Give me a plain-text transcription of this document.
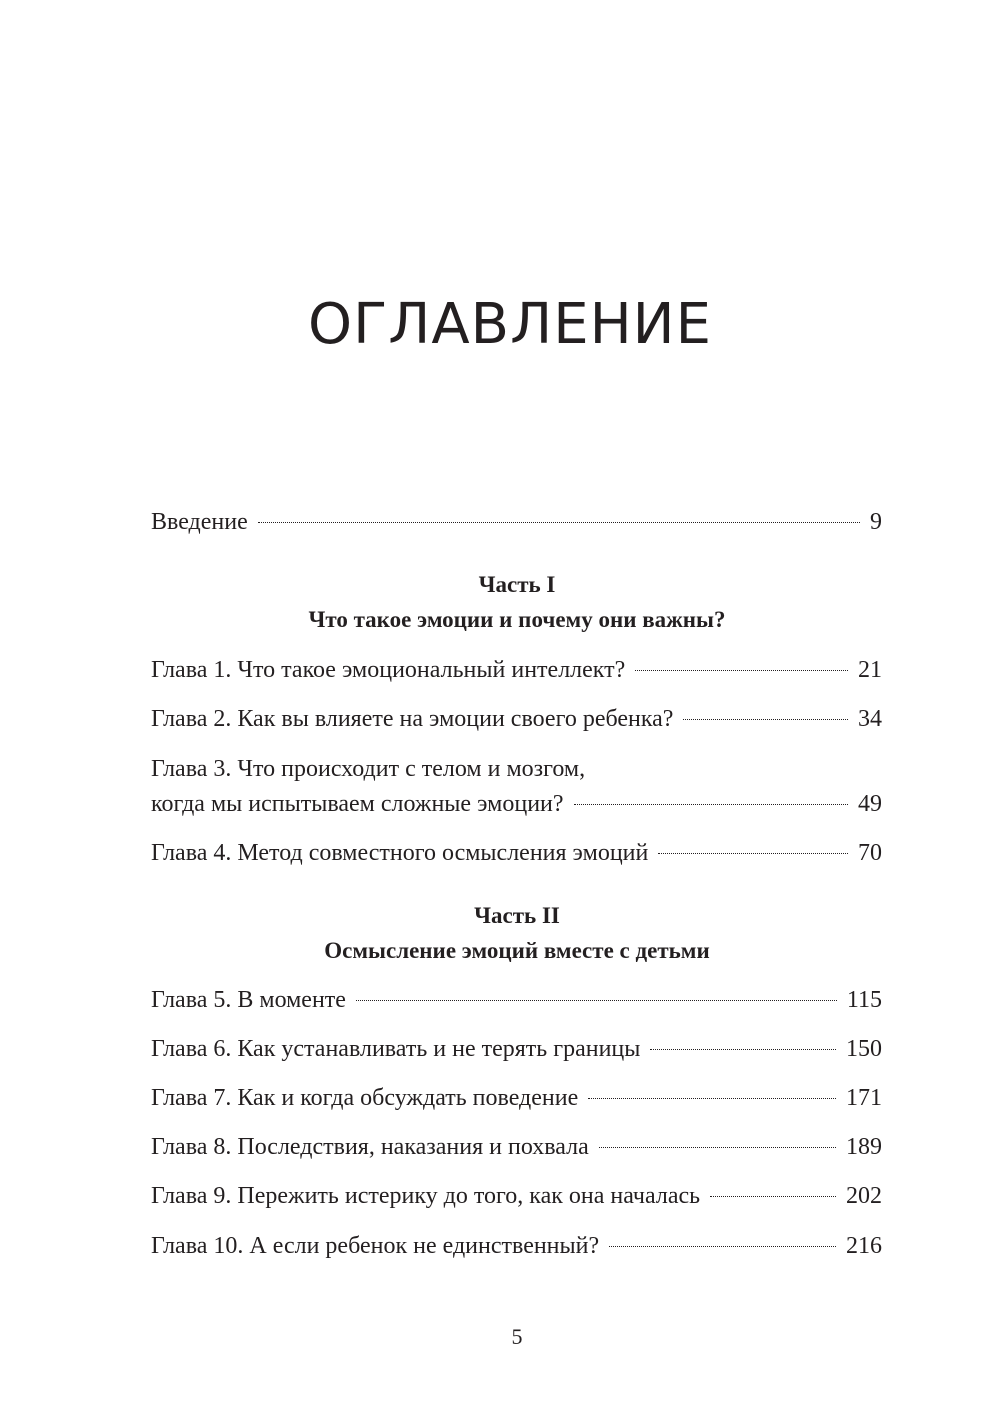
ОГЛАВЛЕНИЕ
Введение	9
Часть I
Что такое эмоции и почему они важны?
Глава 1. Что такое эмоциональный интеллект?	21
Глава 2. Как вы влияете на эмоции своего ребенка?	34
Глава 3. Что происходит с телом и мозгом,
когда мы испытываем сложные эмоции?	49
Глава 4. Метод совместного осмысления эмоций	70
Часть II
Осмысление эмоций вместе с детьми
Глава 5. В моменте	115
Глава 6. Как устанавливать и не терять границы	150
Глава 7. Как и когда обсуждать поведение	171
Глава 8. Последствия, наказания и похвала	189
Глава 9. Пережить истерику до того, как она началась	202
Глава 10. А если ребенок не единственный?	216
5
